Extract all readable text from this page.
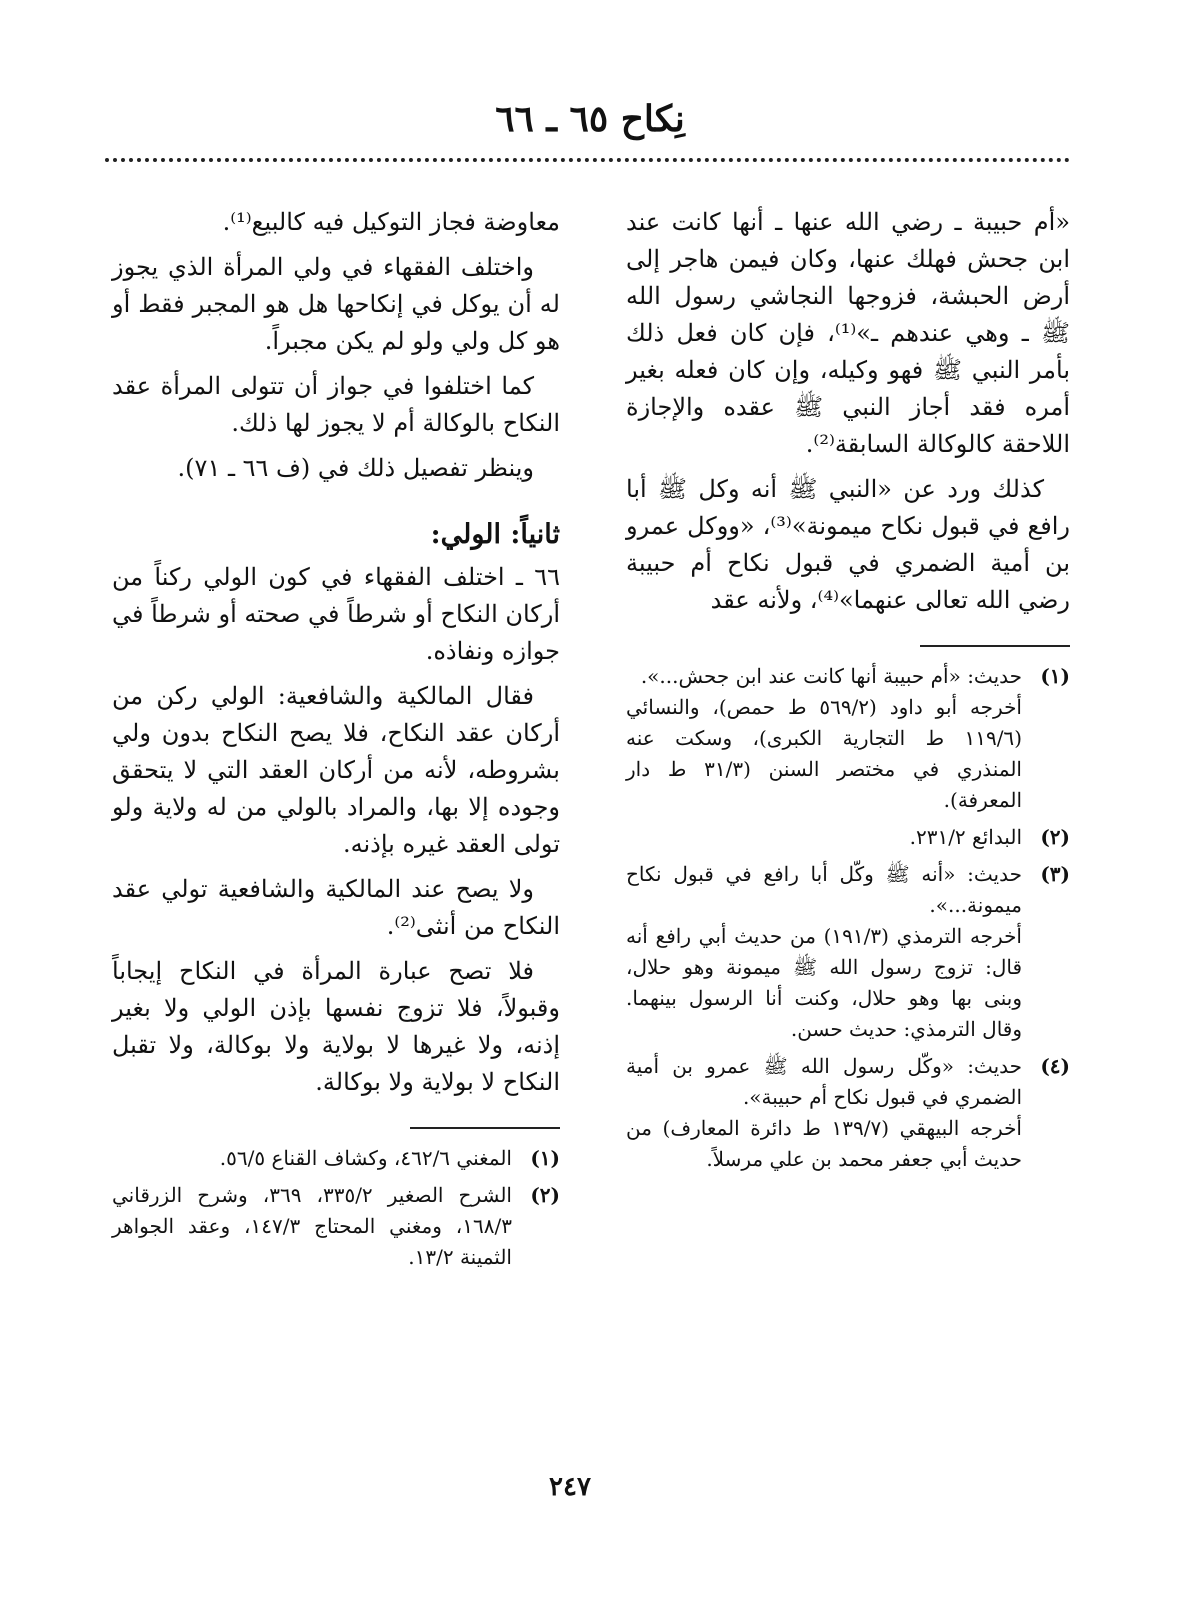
نِكاح ٦٥ ـ ٦٦
«أم حبيبة ـ رضي الله عنها ـ أنها كانت عند ابن جحش فهلك عنها، وكان فيمن هاجر إلى أرض الحبشة، فزوجها النجاشي رسول الله ﷺ ـ وهي عندهم ـ»⁽¹⁾، فإن كان فعل ذلك بأمر النبي ﷺ فهو وكيله، وإن كان فعله بغير أمره فقد أجاز النبي ﷺ عقده والإجازة اللاحقة كالوكالة السابقة⁽²⁾.
كذلك ورد عن «النبي ﷺ أنه وكل ﷺ أبا رافع في قبول نكاح ميمونة»⁽³⁾، «ووكل عمرو بن أمية الضمري في قبول نكاح أم حبيبة رضي الله تعالى عنهما»⁽⁴⁾، ولأنه عقد
(١)
حديث: «أم حبيبة أنها كانت عند ابن جحش...».
أخرجه أبو داود (٥٦٩/٢ ط حمص)، والنسائي (١١٩/٦ ط التجارية الكبرى)، وسكت عنه المنذري في مختصر السنن (٣١/٣ ط دار المعرفة).
(٢)
البدائع ٢٣١/٢.
(٣)
حديث: «أنه ﷺ وكّل أبا رافع في قبول نكاح ميمونة...».
أخرجه الترمذي (١٩١/٣) من حديث أبي رافع أنه قال: تزوج رسول الله ﷺ ميمونة وهو حلال، وبنى بها وهو حلال، وكنت أنا الرسول بينهما. وقال الترمذي: حديث حسن.
(٤)
حديث: «وكّل رسول الله ﷺ عمرو بن أمية الضمري في قبول نكاح أم حبيبة».
أخرجه البيهقي (١٣٩/٧ ط دائرة المعارف) من حديث أبي جعفر محمد بن علي مرسلاً.
معاوضة فجاز التوكيل فيه كالبيع⁽¹⁾.
واختلف الفقهاء في ولي المرأة الذي يجوز له أن يوكل في إنكاحها هل هو المجبر فقط أو هو كل ولي ولو لم يكن مجبراً.
كما اختلفوا في جواز أن تتولى المرأة عقد النكاح بالوكالة أم لا يجوز لها ذلك.
وينظر تفصيل ذلك في (ف ٦٦ ـ ٧١).
ثانياً: الولي:
٦٦ ـ اختلف الفقهاء في كون الولي ركناً من أركان النكاح أو شرطاً في صحته أو شرطاً في جوازه ونفاذه.
فقال المالكية والشافعية: الولي ركن من أركان عقد النكاح، فلا يصح النكاح بدون ولي بشروطه، لأنه من أركان العقد التي لا يتحقق وجوده إلا بها، والمراد بالولي من له ولاية ولو تولى العقد غيره بإذنه.
ولا يصح عند المالكية والشافعية تولي عقد النكاح من أنثى⁽²⁾.
فلا تصح عبارة المرأة في النكاح إيجاباً وقبولاً، فلا تزوج نفسها بإذن الولي ولا بغير إذنه، ولا غيرها لا بولاية ولا بوكالة، ولا تقبل النكاح لا بولاية ولا بوكالة.
(١)
المغني ٤٦٢/٦، وكشاف القناع ٥٦/٥.
(٢)
الشرح الصغير ٣٣٥/٢، ٣٦٩، وشرح الزرقاني ١٦٨/٣، ومغني المحتاج ١٤٧/٣، وعقد الجواهر الثمينة ١٣/٢.
٢٤٧
